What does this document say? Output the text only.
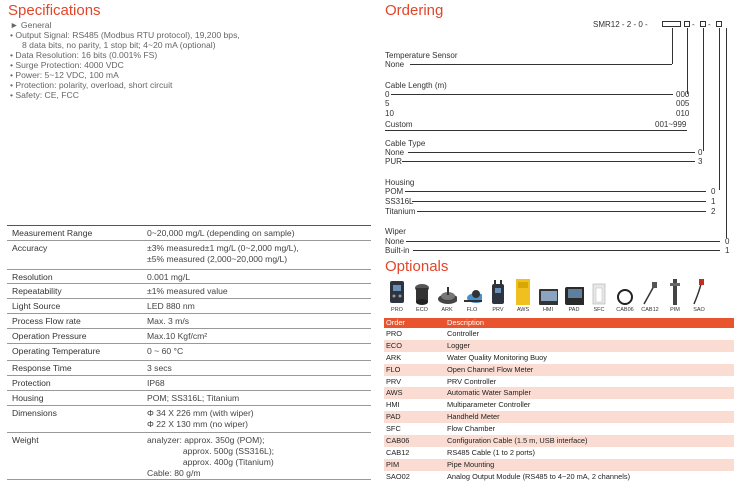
Specifications	Ordering
Optionals
► General
• Output Signal: RS485 (Modbus RTU protocol), 19,200 bps,
8 data bits, no parity, 1 stop bit; 4~20 mA (optional)
• Data Resolution: 16 bits (0.001% FS)
• Surge Protection: 4000 VDC
• Power: 5~12 VDC, 100 mA
• Protection: polarity, overload, short circuit
• Safety: CE, FCC
Measurement Range	0~20,000 mg/L (depending on sample)
Accuracy	±3% measured±1 mg/L (0~2,000 mg/L),
±5% measured (2,000~20,000 mg/L)
Resolution	0.001 mg/L
Repeatability	±1% measured value
Light Source	LED 880 nm
Process Flow rate	Max. 3 m/s
Operation Pressure	Max.10 Kgf/cm²
Operating Temperature	0 ~ 60 °C
Response Time	3 secs
Protection	IP68
Housing	POM; SS316L; Titanium
Dimensions	Φ 34 X 226 mm (with wiper)
Φ 22 X 130 mm (no wiper)
Weight	analyzer: approx. 350g (POM);
approx. 500g (SS316L);
approx. 400g (Titanium)
Cable: 80 g/m
SMR12 - 2 - 0 -	- -
Temperature Sensor
None
Cable Length (m)
0	000
5	005
10	010
Custom	001~999
Cable Type
None	0
PUR	3
Housing
POM	0
SS316L	1
Titanium	2
Wiper
None	0
Built-in	1
PRO	ECO	ARK	FLO	PRV	AWS	HMI	PAD	SFC	CAB06 CAB12	PIM	SAO
Order	Description
PRO	Controller
ECO	Logger
ARK	Water Quality Monitoring Buoy
FLO	Open Channel Flow Meter
PRV	PRV Controller
AWS	Automatic Water Sampler
HMI	Multiparameter Controller
PAD	Handheld Meter
SFC	Flow Chamber
CAB06	Configuration Cable (1.5 m, USB interface)
CAB12	RS485 Cable (1 to 2 ports)
PIM	Pipe Mounting
SAO02	Analog Output Module (RS485 to 4~20 mA, 2 channels)
